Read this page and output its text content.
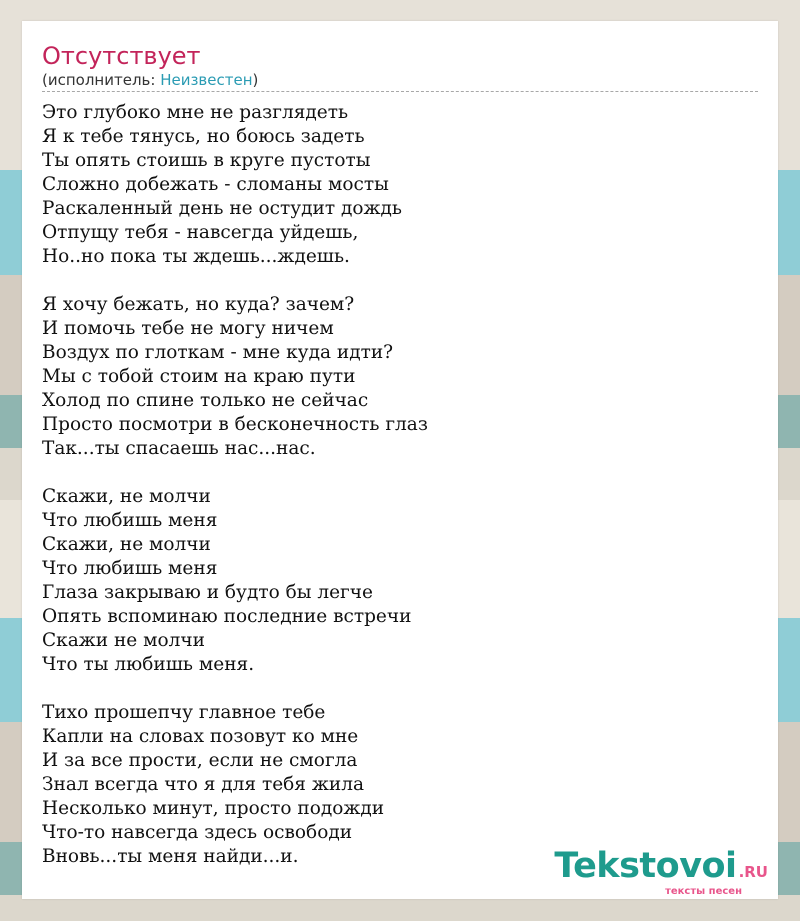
Отсутствует
(исполнитель: Неизвестен)
Это глубоко мне не разглядеть
Я к тебе тянусь, но боюсь задеть
Ты опять стоишь в круге пустоты
Сложно добежать - сломаны мосты
Раскаленный день не остудит дождь
Отпущу тебя - навсегда уйдешь,
Но..но пока ты ждешь...ждешь.
Я хочу бежать, но куда? зачем?
И помочь тебе не могу ничем
Воздух по глоткам - мне куда идти?
Мы с тобой стоим на краю пути
Холод по спине только не сейчас
Просто посмотри в бесконечность глаз
Так...ты спасаешь нас...нас.
Скажи, не молчи
Что любишь меня
Скажи, не молчи
Что любишь меня
Глаза закрываю и будто бы легче
Опять вспоминаю последние встречи
Скажи не молчи
Что ты любишь меня.
Тихо прошепчу главное тебе
Капли на словах позовут ко мне
И за все прости, если не смогла
Знал всегда что я для тебя жила
Несколько минут, просто подожди
Что-то навсегда здесь освободи
Вновь...ты меня найди...и.	Tekstovoi .RU
тексты песен
